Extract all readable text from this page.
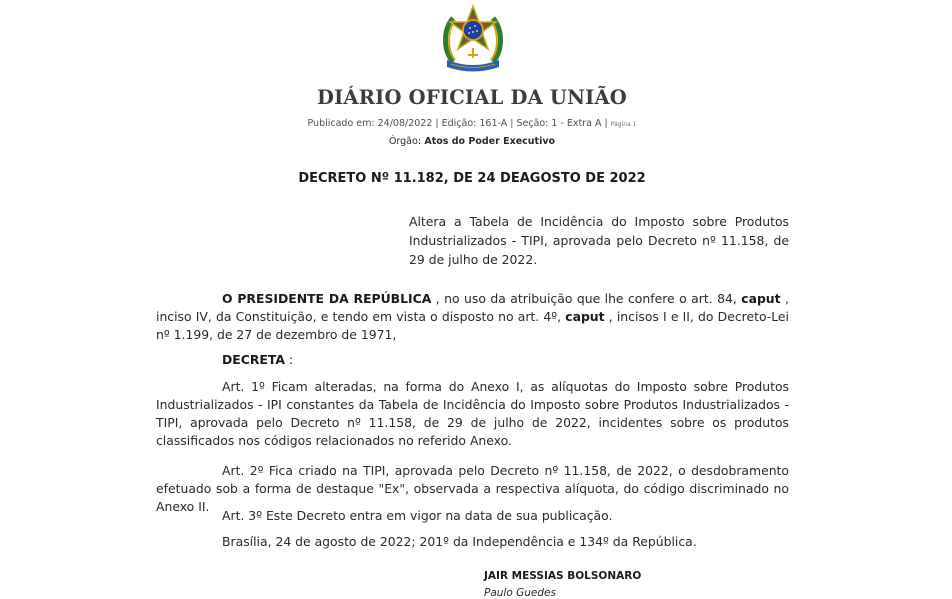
DIÁRIO OFICIAL DA UNIÃO
Publicado em: 24/08/2022 | Edição: 161-A | Seção: 1 - Extra A | Página 1
Órgão: Atos do Poder Executivo
DECRETO Nº 11.182, DE 24 DEAGOSTO DE 2022
Altera a Tabela de Incidência do Imposto sobre Produtos Industrializados - TIPI, aprovada pelo Decreto nº 11.158, de 29 de julho de 2022.

O PRESIDENTE DA REPÚBLICA , no uso da atribuição que lhe confere o art. 84, caput , inciso IV, da Constituição, e tendo em vista o disposto no art. 4º, caput , incisos I e II, do Decreto-Lei nº 1.199, de 27 de dezembro de 1971,

DECRETA :

Art. 1º Ficam alteradas, na forma do Anexo I, as alíquotas do Imposto sobre Produtos Industrializados - IPI constantes da Tabela de Incidência do Imposto sobre Produtos Industrializados - TIPI, aprovada pelo Decreto nº 11.158, de 29 de julho de 2022, incidentes sobre os produtos classificados nos códigos relacionados no referido Anexo.

Art. 2º Fica criado na TIPI, aprovada pelo Decreto nº 11.158, de 2022, o desdobramento efetuado sob a forma de destaque "Ex", observada a respectiva alíquota, do código discriminado no Anexo II.

Art. 3º Este Decreto entra em vigor na data de sua publicação.

Brasília, 24 de agosto de 2022; 201º da Independência e 134º da República.

JAIR MESSIAS BOLSONARO
Paulo Guedes
